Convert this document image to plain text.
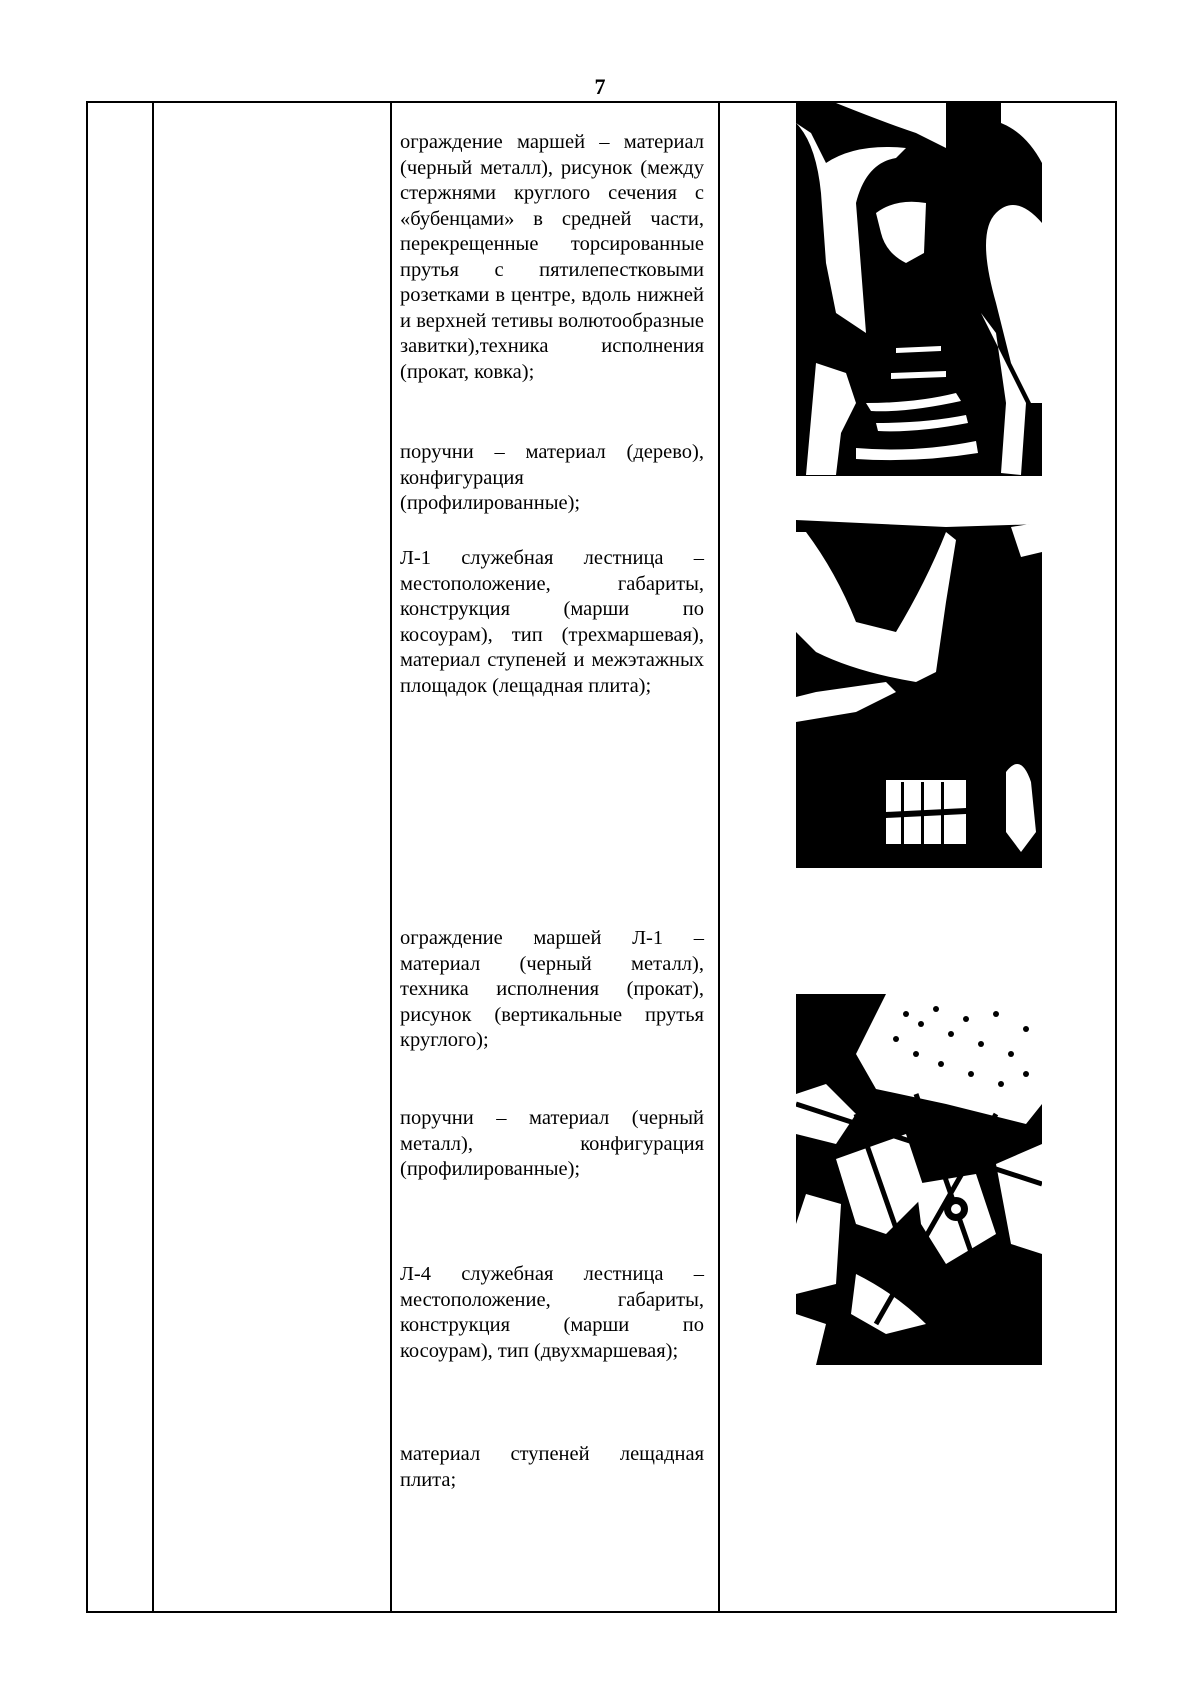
7
ограждение маршей – материал (черный металл), рисунок (между стержнями круглого сечения с «бубенцами» в средней части, перекрещенные торсированные прутья с пятилепестковыми розетками в центре, вдоль нижней и верхней тетивы волютообразные завитки),техника исполнения (прокат, ковка);
поручни – материал (дерево), конфигурация (профилированные);
Л-1 служебная лестница – местоположение, габариты, конструкция (марши по косоурам), тип (трехмаршевая), материал ступеней и межэтажных площадок (лещадная плита);
ограждение маршей Л-1 – материал (черный металл), техника исполнения (прокат), рисунок (вертикальные прутья круглого);
поручни – материал (черный металл), конфигурация (профилированные);
Л-4 служебная лестница – местоположение, габариты, конструкция (марши по косоурам), тип (двухмаршевая);
материал ступеней лещадная плита;
